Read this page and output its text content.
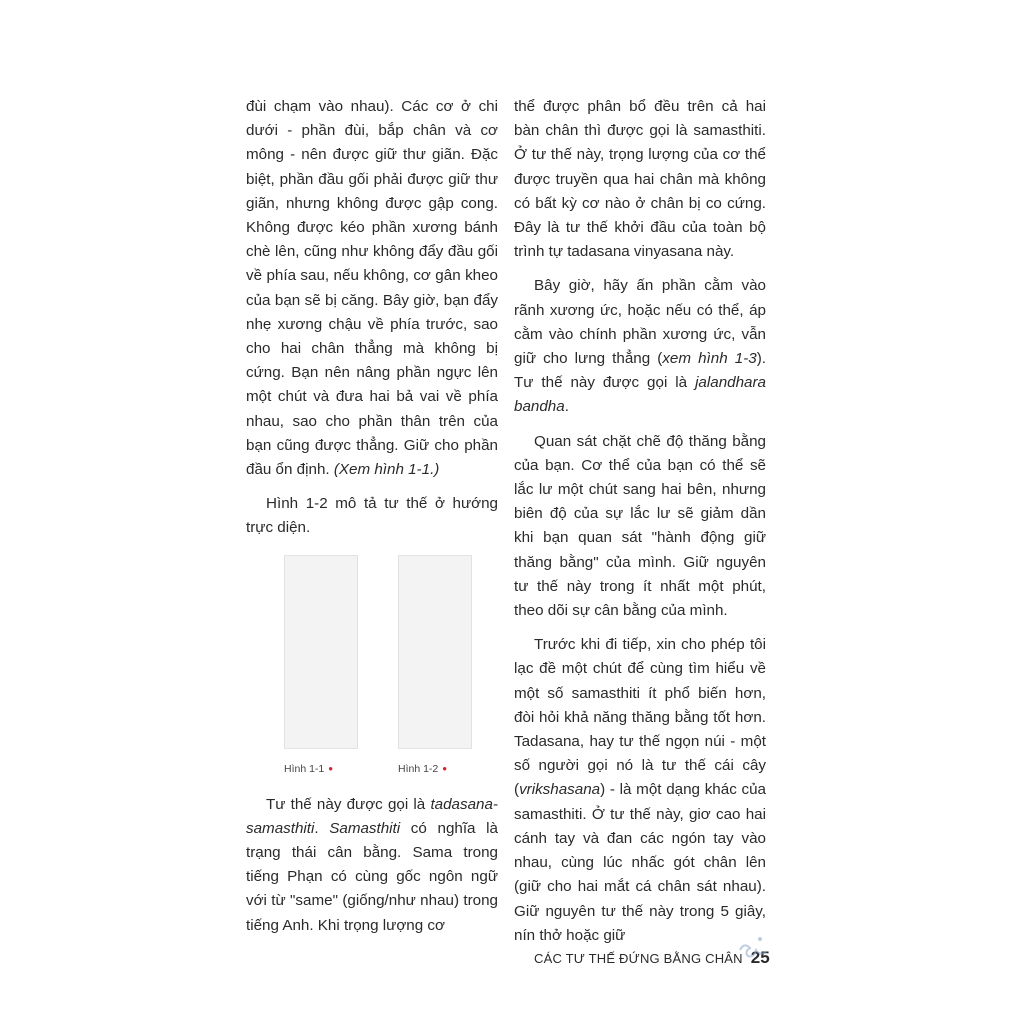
đùi chạm vào nhau). Các cơ ở chi dưới - phần đùi, bắp chân và cơ mông - nên được giữ thư giãn. Đặc biệt, phần đầu gối phải được giữ thư giãn, nhưng không được gập cong. Không được kéo phần xương bánh chè lên, cũng như không đẩy đầu gối về phía sau, nếu không, cơ gân kheo của bạn sẽ bị căng. Bây giờ, bạn đẩy nhẹ xương chậu về phía trước, sao cho hai chân thẳng mà không bị cứng. Bạn nên nâng phần ngực lên một chút và đưa hai bả vai về phía nhau, sao cho phần thân trên của bạn cũng được thẳng. Giữ cho phần đầu ổn định. (Xem hình 1-1.)

Hình 1-2 mô tả tư thế ở hướng trực diện.

Hình 1-1 ●	Hình 1-2 ●

Tư thế này được gọi là tadasana-samasthiti. Samasthiti có nghĩa là trạng thái cân bằng. Sama trong tiếng Phạn có cùng gốc ngôn ngữ với từ "same" (giống/như nhau) trong tiếng Anh. Khi trọng lượng cơ

thể được phân bổ đều trên cả hai bàn chân thì được gọi là samasthiti. Ở tư thế này, trọng lượng của cơ thể được truyền qua hai chân mà không có bất kỳ cơ nào ở chân bị co cứng. Đây là tư thế khởi đầu của toàn bộ trình tự tadasana vinyasana này.

Bây giờ, hãy ấn phần cằm vào rãnh xương ức, hoặc nếu có thể, áp cằm vào chính phần xương ức, vẫn giữ cho lưng thẳng (xem hình 1-3). Tư thế này được gọi là jalandhara bandha.

Quan sát chặt chẽ độ thăng bằng của bạn. Cơ thể của bạn có thể sẽ lắc lư một chút sang hai bên, nhưng biên độ của sự lắc lư sẽ giảm dần khi bạn quan sát "hành động giữ thăng bằng" của mình. Giữ nguyên tư thế này trong ít nhất một phút, theo dõi sự cân bằng của mình.

Trước khi đi tiếp, xin cho phép tôi lạc đề một chút để cùng tìm hiểu về một số samasthiti ít phổ biến hơn, đòi hỏi khả năng thăng bằng tốt hơn. Tadasana, hay tư thế ngọn núi - một số người gọi nó là tư thế cái cây (vrikshasana) - là một dạng khác của samasthiti. Ở tư thế này, giơ cao hai cánh tay và đan các ngón tay vào nhau, cùng lúc nhấc gót chân lên (giữ cho hai mắt cá chân sát nhau). Giữ nguyên tư thế này trong 5 giây, nín thở hoặc giữ

CÁC TƯ THẾ ĐỨNG BẰNG CHÂN 25
